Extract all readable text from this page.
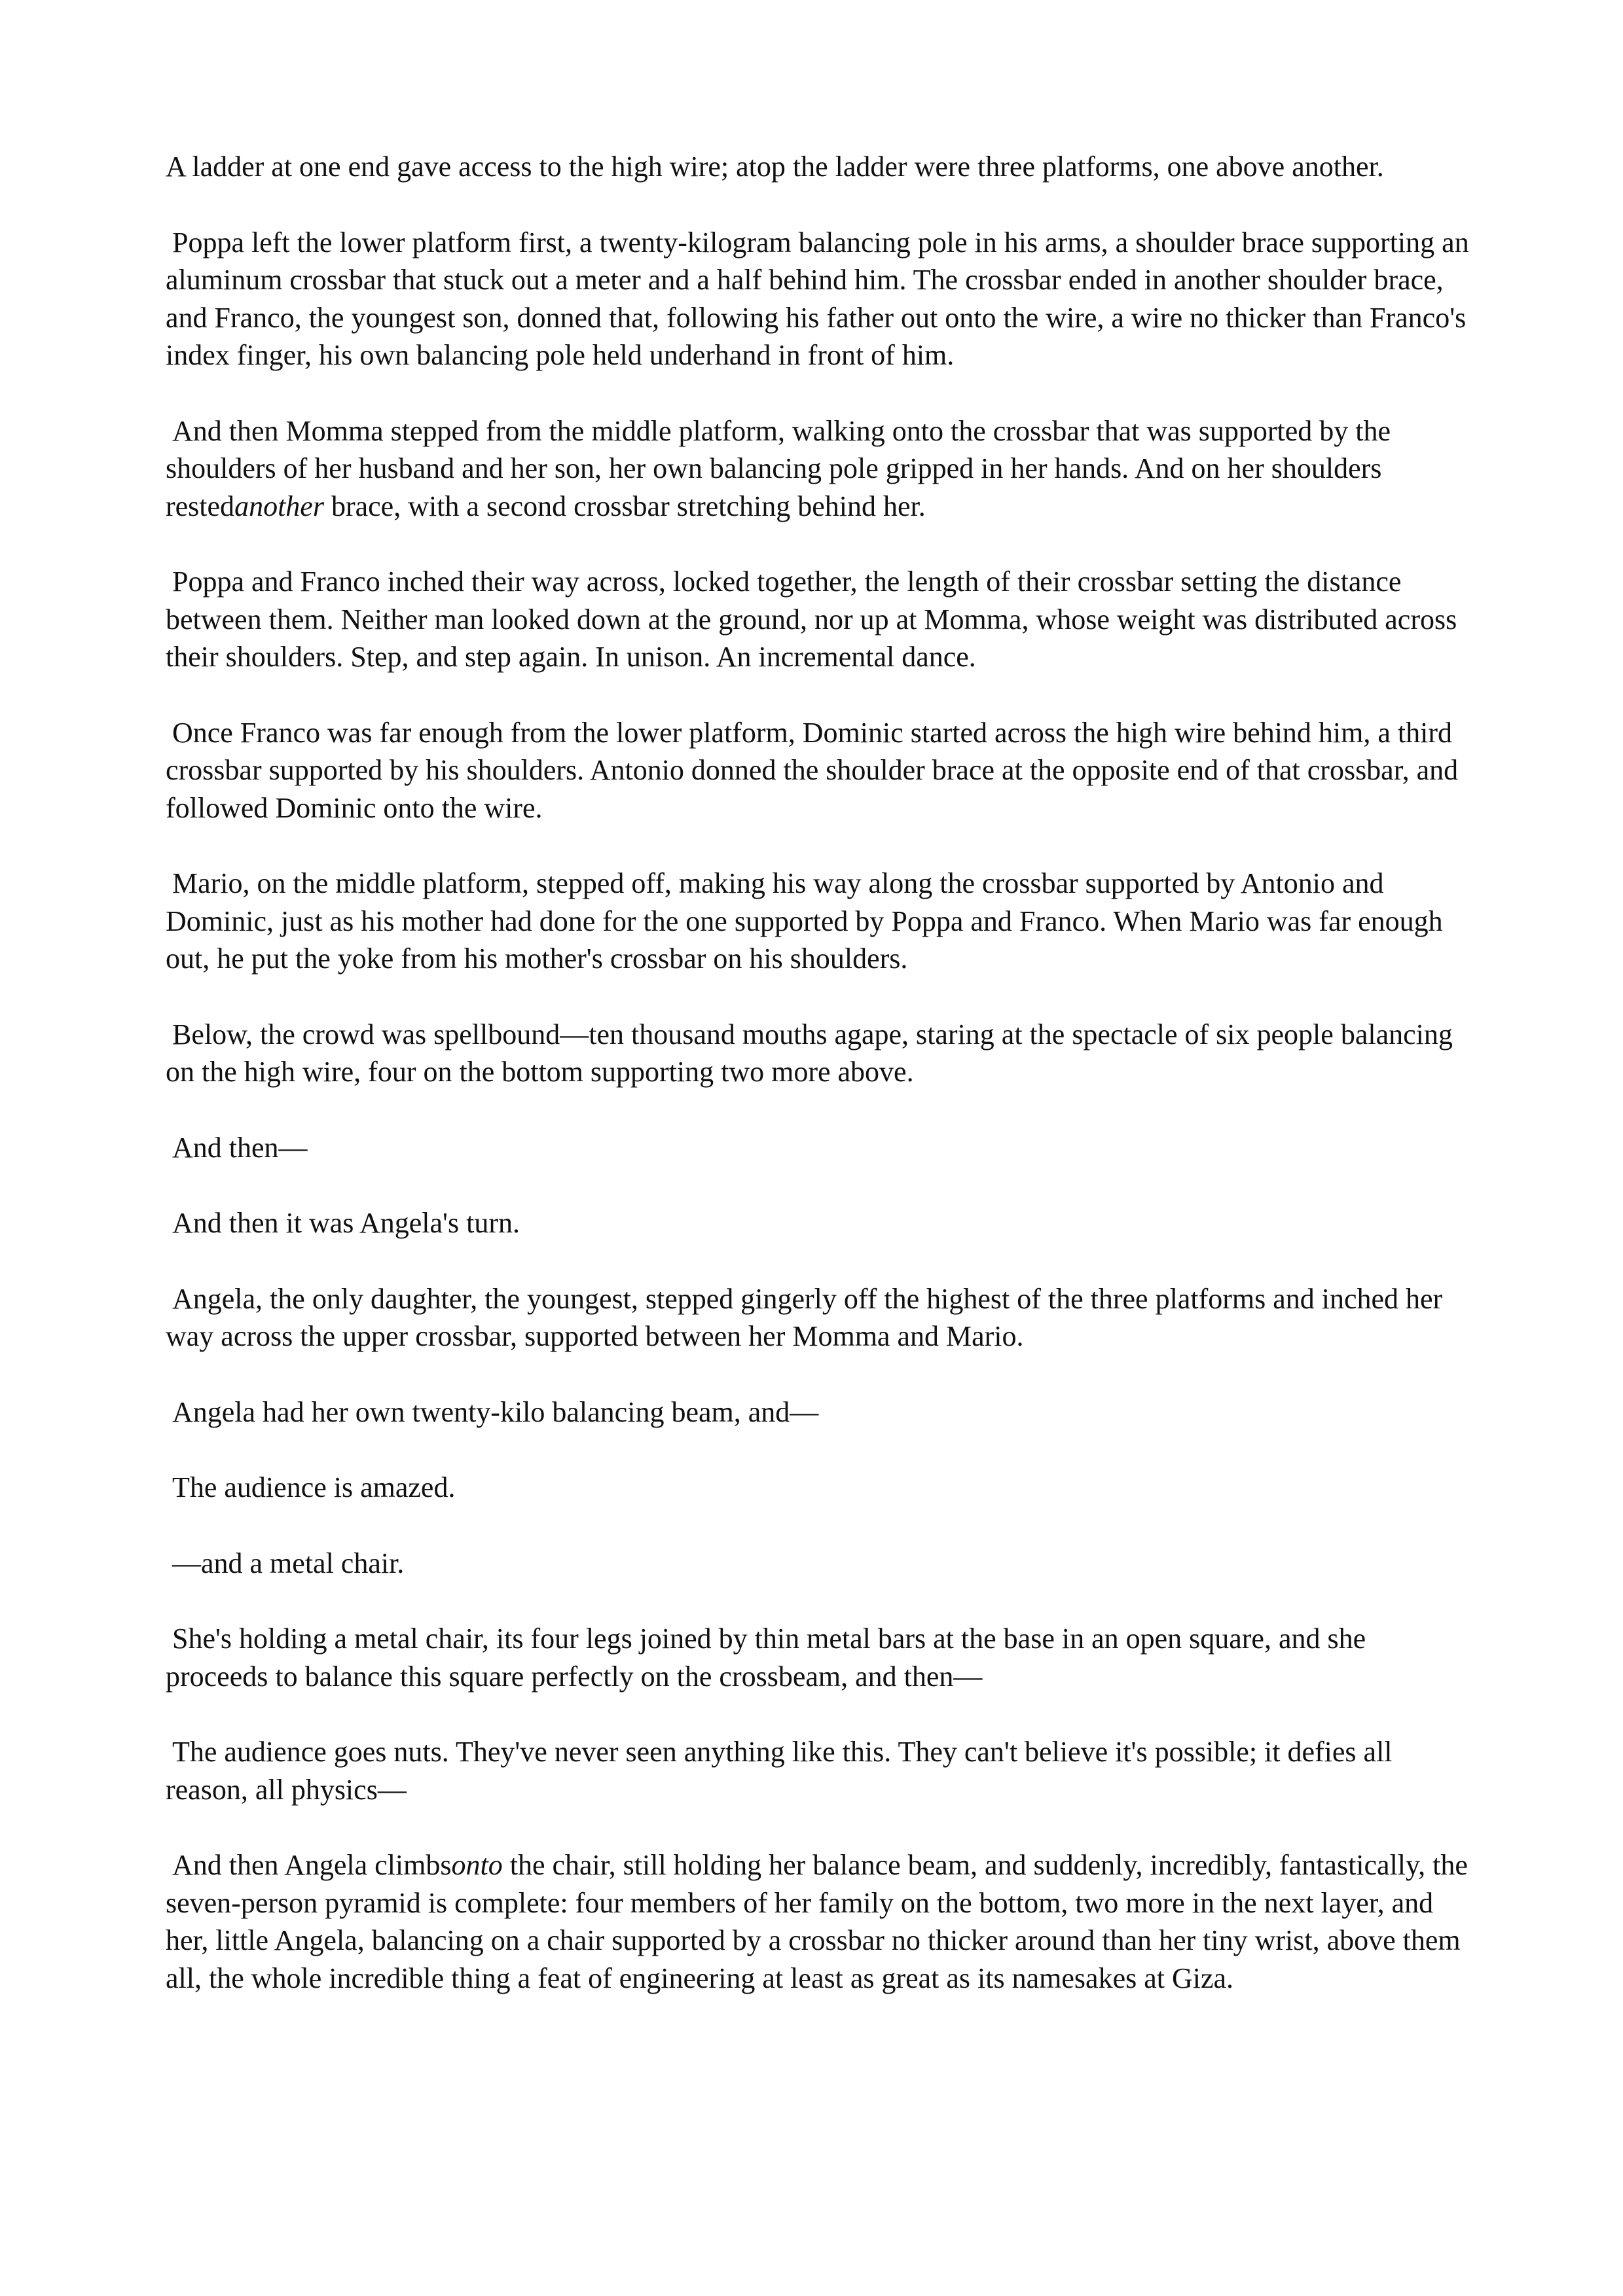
A ladder at one end gave access to the high wire; atop the ladder were three platforms, one above another.

Poppa left the lower platform first, a twenty-kilogram balancing pole in his arms, a shoulder brace supporting an aluminum crossbar that stuck out a meter and a half behind him. The crossbar ended in another shoulder brace, and Franco, the youngest son, donned that, following his father out onto the wire, a wire no thicker than Franco's index finger, his own balancing pole held underhand in front of him.

And then Momma stepped from the middle platform, walking onto the crossbar that was supported by the shoulders of her husband and her son, her own balancing pole gripped in her hands. And on her shoulders restedanother brace, with a second crossbar stretching behind her.

Poppa and Franco inched their way across, locked together, the length of their crossbar setting the distance between them. Neither man looked down at the ground, nor up at Momma, whose weight was distributed across their shoulders. Step, and step again. In unison. An incremental dance.

Once Franco was far enough from the lower platform, Dominic started across the high wire behind him, a third crossbar supported by his shoulders. Antonio donned the shoulder brace at the opposite end of that crossbar, and followed Dominic onto the wire.

Mario, on the middle platform, stepped off, making his way along the crossbar supported by Antonio and Dominic, just as his mother had done for the one supported by Poppa and Franco. When Mario was far enough out, he put the yoke from his mother's crossbar on his shoulders.

Below, the crowd was spellbound—ten thousand mouths agape, staring at the spectacle of six people balancing on the high wire, four on the bottom supporting two more above.

And then—

And then it was Angela's turn.

Angela, the only daughter, the youngest, stepped gingerly off the highest of the three platforms and inched her way across the upper crossbar, supported between her Momma and Mario.

Angela had her own twenty-kilo balancing beam, and—

The audience is amazed.

—and a metal chair.

She's holding a metal chair, its four legs joined by thin metal bars at the base in an open square, and she proceeds to balance this square perfectly on the crossbeam, and then—

The audience goes nuts. They've never seen anything like this. They can't believe it's possible; it defies all reason, all physics—

And then Angela climbsonto the chair, still holding her balance beam, and suddenly, incredibly, fantastically, the seven-person pyramid is complete: four members of her family on the bottom, two more in the next layer, and her, little Angela, balancing on a chair supported by a crossbar no thicker around than her tiny wrist, above them all, the whole incredible thing a feat of engineering at least as great as its namesakes at Giza.
